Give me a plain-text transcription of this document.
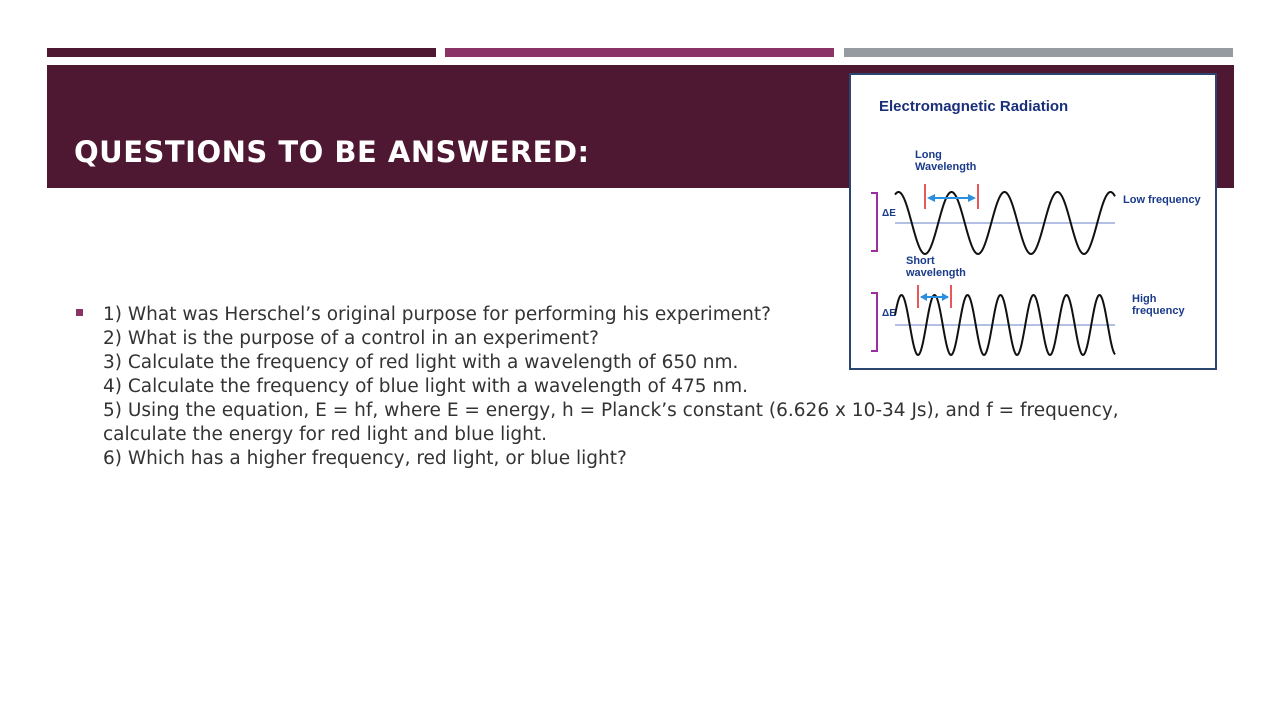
QUESTIONS TO BE ANSWERED:
1) What was Herschel’s original purpose for performing his experiment?
2) What is the purpose of a control in an experiment?
3) Calculate the frequency of red light with a wavelength of 650 nm.
4) Calculate the frequency of blue light with a wavelength of 475 nm.
5) Using the equation, E = hf, where E = energy, h = Planck’s constant (6.626 x 10-34 Js), and f = frequency, calculate the energy for red light and blue light.
6) Which has a higher frequency, red light, or blue light?

Electromagnetic Radiation

Long Wavelength

Low frequency

Short wavelength

High frequency

ΔE

ΔE
